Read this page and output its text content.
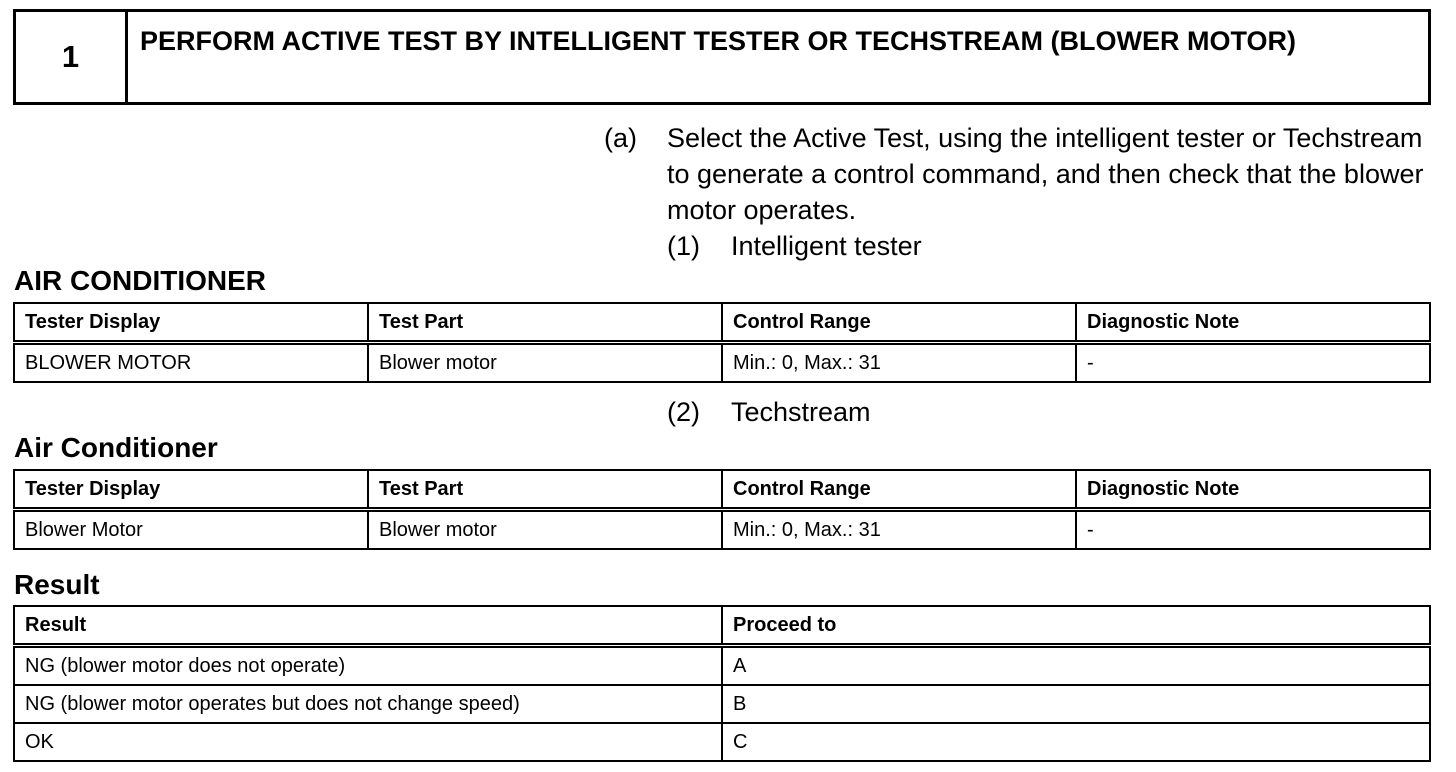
1	PERFORM ACTIVE TEST BY INTELLIGENT TESTER OR TECHSTREAM (BLOWER MOTOR)
(a) Select the Active Test, using the intelligent tester or Techstream to generate a control command, and then check that the blower motor operates.
(1) Intelligent tester
AIR CONDITIONER
Tester Display	Test Part	Control Range	Diagnostic Note
BLOWER MOTOR	Blower motor	Min.: 0, Max.: 31	-
(2) Techstream
Air Conditioner
Tester Display	Test Part	Control Range	Diagnostic Note
Blower Motor	Blower motor	Min.: 0, Max.: 31	-
Result
Result	Proceed to
NG (blower motor does not operate)	A
NG (blower motor operates but does not change speed)	B
OK	C
